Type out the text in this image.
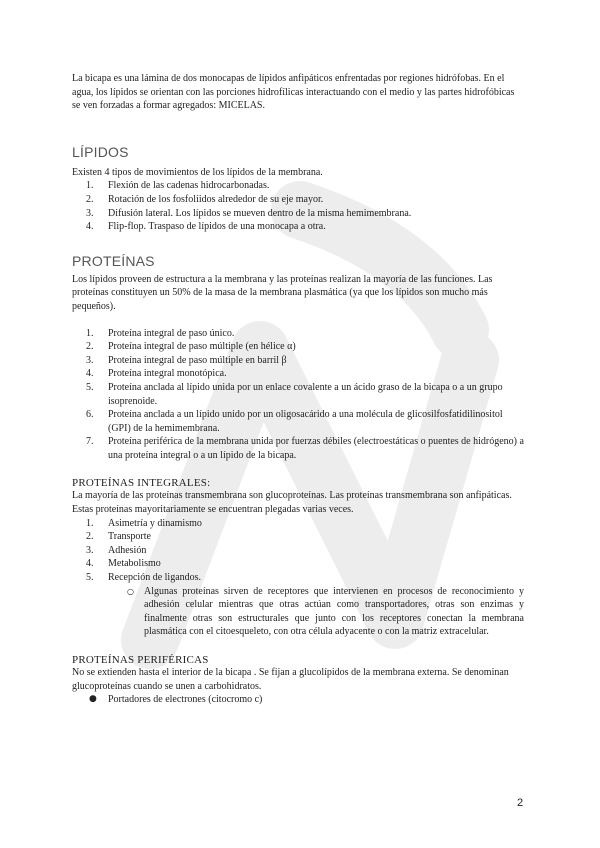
La bicapa es una lámina de dos monocapas de lípidos anfipáticos enfrentadas por regiones hidrófobas. En el agua, los lípidos se orientan con las porciones hidrofílicas interactuando con el medio y las partes hidrofóbicas se ven forzadas a formar agregados: MICELAS.

LÍPIDOS

Existen 4 tipos de movimientos de los lípidos de la membrana.

1.	Flexión de las cadenas hidrocarbonadas.
2.	Rotación de los fosfolíidos alrededor de su eje mayor.
3.	Difusión lateral. Los lípidos se mueven dentro de la misma hemimembrana.
4.	Flip-flop. Traspaso de lípidos de una monocapa a otra.
PROTEÍNAS

Los lípidos proveen de estructura a la membrana y las proteínas realizan la mayoría de las funciones. Las proteínas constituyen un 50% de la masa de la membrana plasmática (ya que los lípidos son mucho más pequeños).

1.	Proteína integral de paso único.
2.	Proteína integral de paso múltiple (en hélice α)
3.	Proteína integral de paso múltiple en barril β
4.	Proteína integral monotópica.
5.	Proteína anclada al lípido unida por un enlace covalente a un ácido graso de la bicapa o a un grupo isoprenoide.
6.	Proteína anclada a un lípido unido por un oligosacárido a una molécula de glicosilfosfatidilinositol (GPI) de la hemimembrana.
7.	Proteína periférica de la membrana unida por fuerzas débiles (electroestáticas o puentes de hidrógeno) a una proteína integral o a un lípido de la bicapa.
PROTEÍNAS INTEGRALES:

La mayoría de las proteínas transmembrana son glucoproteínas. Las proteínas transmembrana son anfipáticas. Estas proteínas mayoritariamente se encuentran plegadas varias veces.

1.	Asimetría y dinamismo
2.	Transporte
3.	Adhesión
4.	Metabolismo
5.	Recepción de ligandos.
○ Algunas proteínas sirven de receptores que intervienen en procesos de reconocimiento y adhesión celular mientras que otras actúan como transportadores, otras son enzimas y finalmente otras son estructurales que junto con los receptores conectan la membrana plasmática con el citoesqueleto, con otra célula adyacente o con la matriz extracelular.
PROTEÍNAS PERIFÉRICAS

No se extienden hasta el interior de la bicapa . Se fijan a glucolípidos de la membrana externa. Se denominan glucoproteínas cuando se unen a carbohidratos.

● Portadores de electrones (citocromo c)
2
